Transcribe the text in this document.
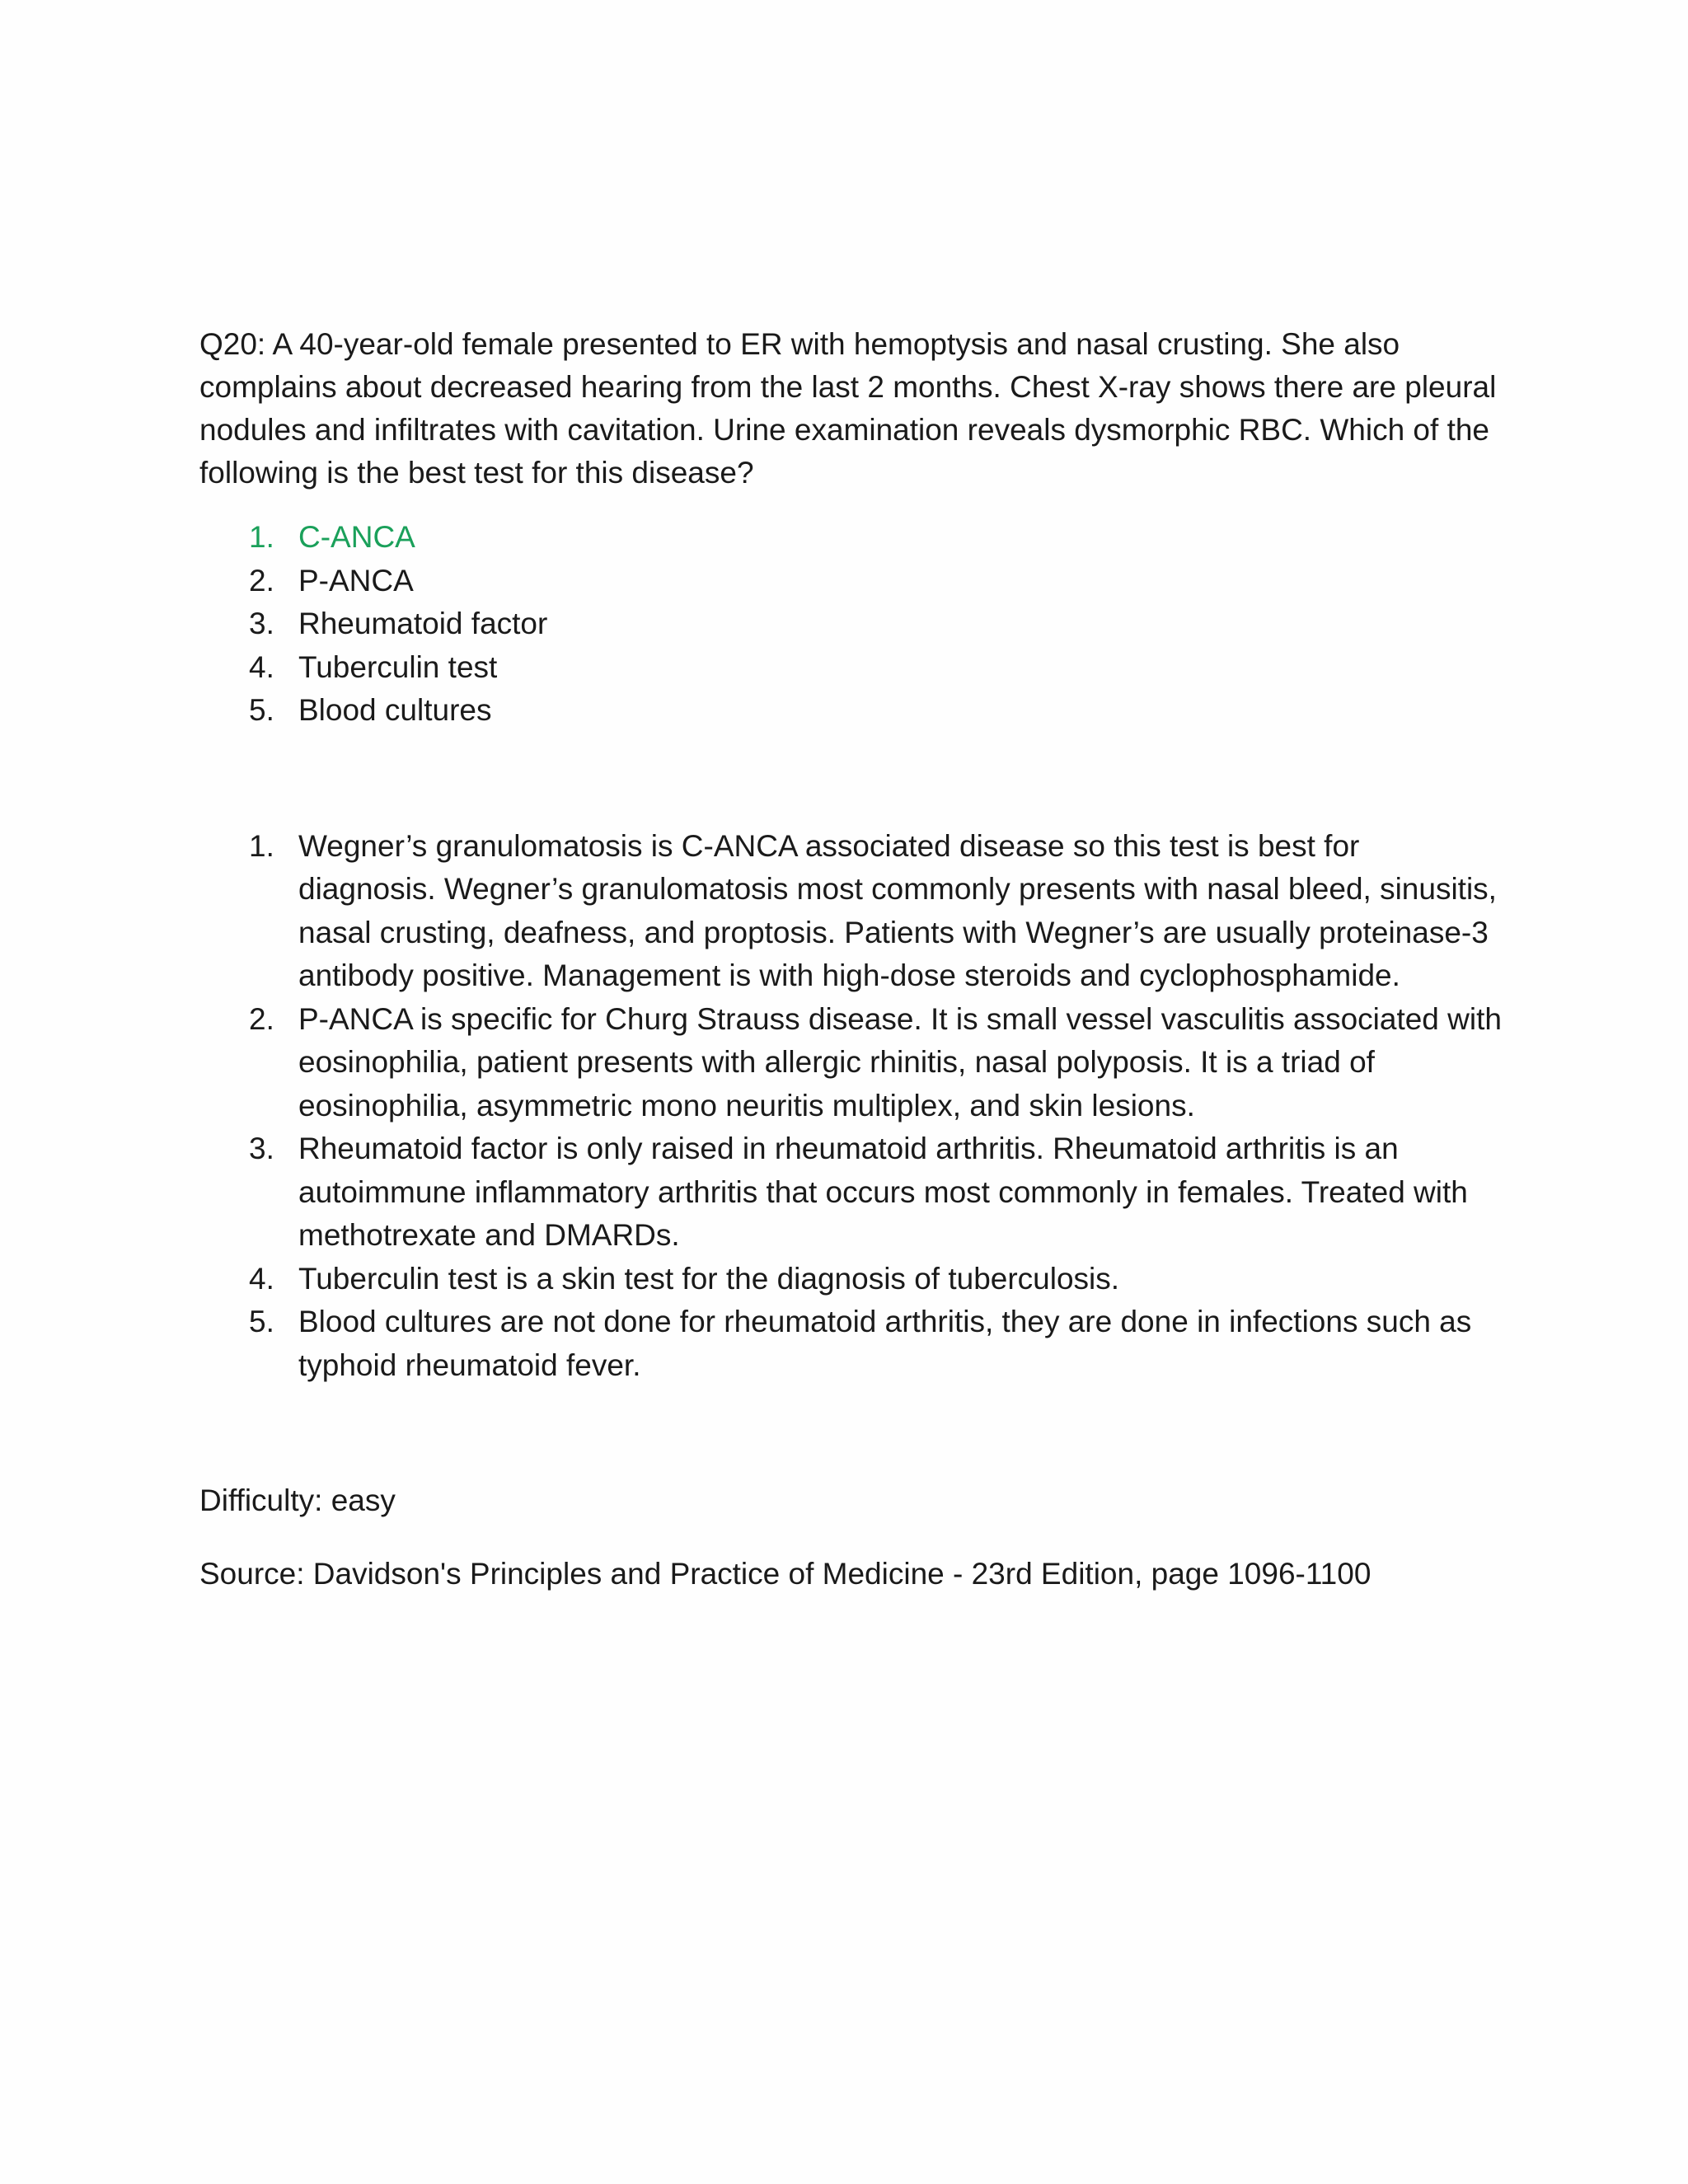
Q20: A 40-year-old female presented to ER with hemoptysis and nasal crusting. She also complains about decreased hearing from the last 2 months. Chest X-ray shows there are pleural nodules and infiltrates with cavitation. Urine examination reveals dysmorphic RBC. Which of the following is the best test for this disease?

1. C-ANCA
2. P-ANCA
3. Rheumatoid factor
4. Tuberculin test
5. Blood cultures
1. Wegner’s granulomatosis is C-ANCA associated disease so this test is best for diagnosis. Wegner’s granulomatosis most commonly presents with nasal bleed, sinusitis, nasal crusting, deafness, and proptosis. Patients with Wegner’s are usually proteinase-3 antibody positive. Management is with high-dose steroids and cyclophosphamide.
2. P-ANCA is specific for Churg Strauss disease. It is small vessel vasculitis associated with eosinophilia, patient presents with allergic rhinitis, nasal polyposis. It is a triad of eosinophilia, asymmetric mono neuritis multiplex, and skin lesions.
3. Rheumatoid factor is only raised in rheumatoid arthritis. Rheumatoid arthritis is an autoimmune inflammatory arthritis that occurs most commonly in females. Treated with methotrexate and DMARDs.
4. Tuberculin test is a skin test for the diagnosis of tuberculosis.
5. Blood cultures are not done for rheumatoid arthritis, they are done in infections such as typhoid rheumatoid fever.

Difficulty: easy

Source: Davidson's Principles and Practice of Medicine - 23rd Edition, page 1096-1100
